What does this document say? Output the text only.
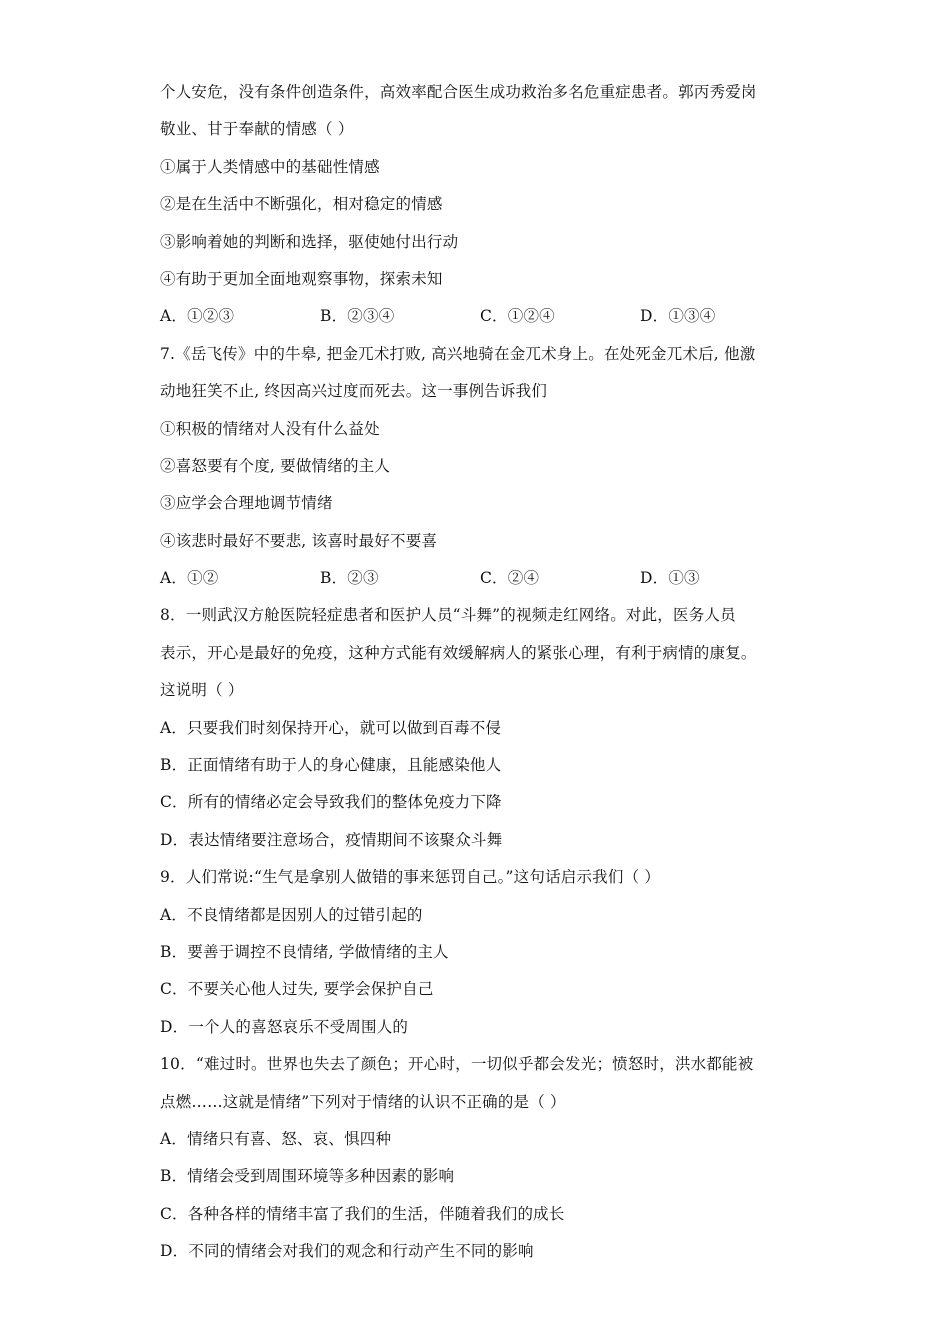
个人安危，没有条件创造条件，高效率配合医生成功救治多名危重症患者。郭丙秀爱岗
敬业、甘于奉献的情感（ ）
①属于人类情感中的基础性情感
②是在生活中不断强化，相对稳定的情感
③影响着她的判断和选择，驱使她付出行动
④有助于更加全面地观察事物，探索未知
A．①②③	B．②③④	C．①②④	D．①③④
7.《岳飞传》中的牛皋, 把金兀术打败, 高兴地骑在金兀术身上。在处死金兀术后, 他激
动地狂笑不止, 终因高兴过度而死去。这一事例告诉我们
①积极的情绪对人没有什么益处
②喜怒要有个度, 要做情绪的主人
③应学会合理地调节情绪
④该悲时最好不要悲, 该喜时最好不要喜
A．①②	B．②③	C．②④	D．①③
8．一则武汉方舱医院轻症患者和医护人员“斗舞”的视频走红网络。对此，医务人员
表示，开心是最好的免疫，这种方式能有效缓解病人的紧张心理，有利于病情的康复。
这说明（ ）
A．只要我们时刻保持开心，就可以做到百毒不侵
B．正面情绪有助于人的身心健康，且能感染他人
C．所有的情绪必定会导致我们的整体免疫力下降
D．表达情绪要注意场合，疫情期间不该聚众斗舞
9．人们常说:“生气是拿别人做错的事来惩罚自己。”这句话启示我们（ ）
A．不良情绪都是因别人的过错引起的
B．要善于调控不良情绪, 学做情绪的主人
C．不要关心他人过失, 要学会保护自己
D．一个人的喜怒哀乐不受周围人的
10．“难过时。世界也失去了颜色；开心时，一切似乎都会发光；愤怒时，洪水都能被
点燃……这就是情绪”下列对于情绪的认识不正确的是（ ）
A．情绪只有喜、怒、哀、惧四种
B．情绪会受到周围环境等多种因素的影响
C．各种各样的情绪丰富了我们的生活，伴随着我们的成长
D．不同的情绪会对我们的观念和行动产生不同的影响
